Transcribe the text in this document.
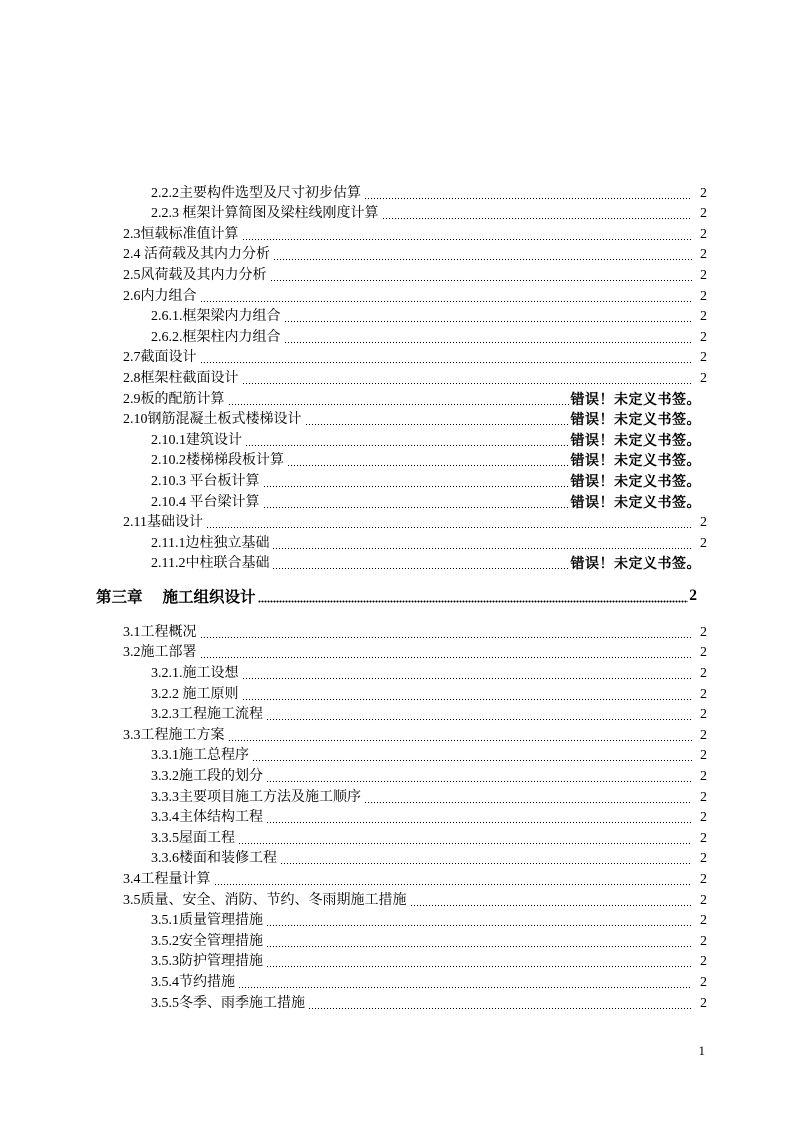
2.2.2主要构件选型及尺寸初步估算	2
2.2.3 框架计算简图及梁柱线刚度计算	2
2.3恒载标准值计算	2
2.4 活荷载及其内力分析	2
2.5风荷载及其内力分析	2
2.6内力组合	2
2.6.1.框架梁内力组合	2
2.6.2.框架柱内力组合	2
2.7截面设计	2
2.8框架柱截面设计	2
2.9板的配筋计算	错误！未定义书签。
2.10钢筋混凝土板式楼梯设计	错误！未定义书签。
2.10.1建筑设计	错误！未定义书签。
2.10.2楼梯梯段板计算	错误！未定义书签。
2.10.3 平台板计算	错误！未定义书签。
2.10.4 平台梁计算	错误！未定义书签。
2.11基础设计	2
2.11.1边柱独立基础	2
2.11.2中柱联合基础	错误！未定义书签。
第三章 施工组织设计	2
3.1工程概况	2
3.2施工部署	2
3.2.1.施工设想	2
3.2.2 施工原则	2
3.2.3工程施工流程	2
3.3工程施工方案	2
3.3.1施工总程序	2
3.3.2施工段的划分	2
3.3.3主要项目施工方法及施工顺序	2
3.3.4主体结构工程	2
3.3.5屋面工程	2
3.3.6楼面和装修工程	2
3.4工程量计算	2
3.5质量、安全、消防、节约、冬雨期施工措施	2
3.5.1质量管理措施	2
3.5.2安全管理措施	2
3.5.3防护管理措施	2
3.5.4节约措施	2
3.5.5冬季、雨季施工措施	2
1
